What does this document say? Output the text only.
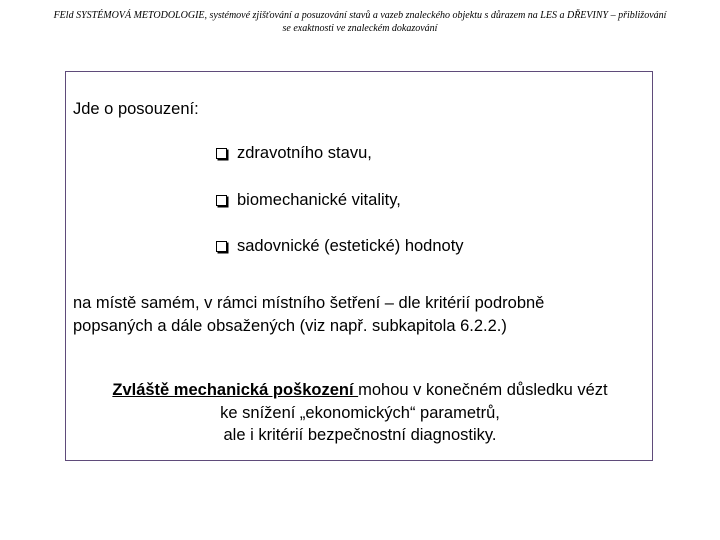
FEld SYSTÉMOVÁ METODOLOGIE, systémové zjišťování a posuzování stavů a vazeb znaleckého objektu s důrazem na LES a DŘEVINY – přibližování
se exaktnosti ve znaleckém dokazování
Jde o posouzení:
zdravotního stavu,
biomechanické vitality,
sadovnické (estetické) hodnoty
na místě samém, v rámci místního šetření – dle kritérií podrobně
popsaných a dále obsažených (viz např. subkapitola 6.2.2.)
Zvláště mechanická poškození mohou v konečném důsledku vézt
ke snížení „ekonomických“ parametrů,
ale i kritérií bezpečnostní diagnostiky.
